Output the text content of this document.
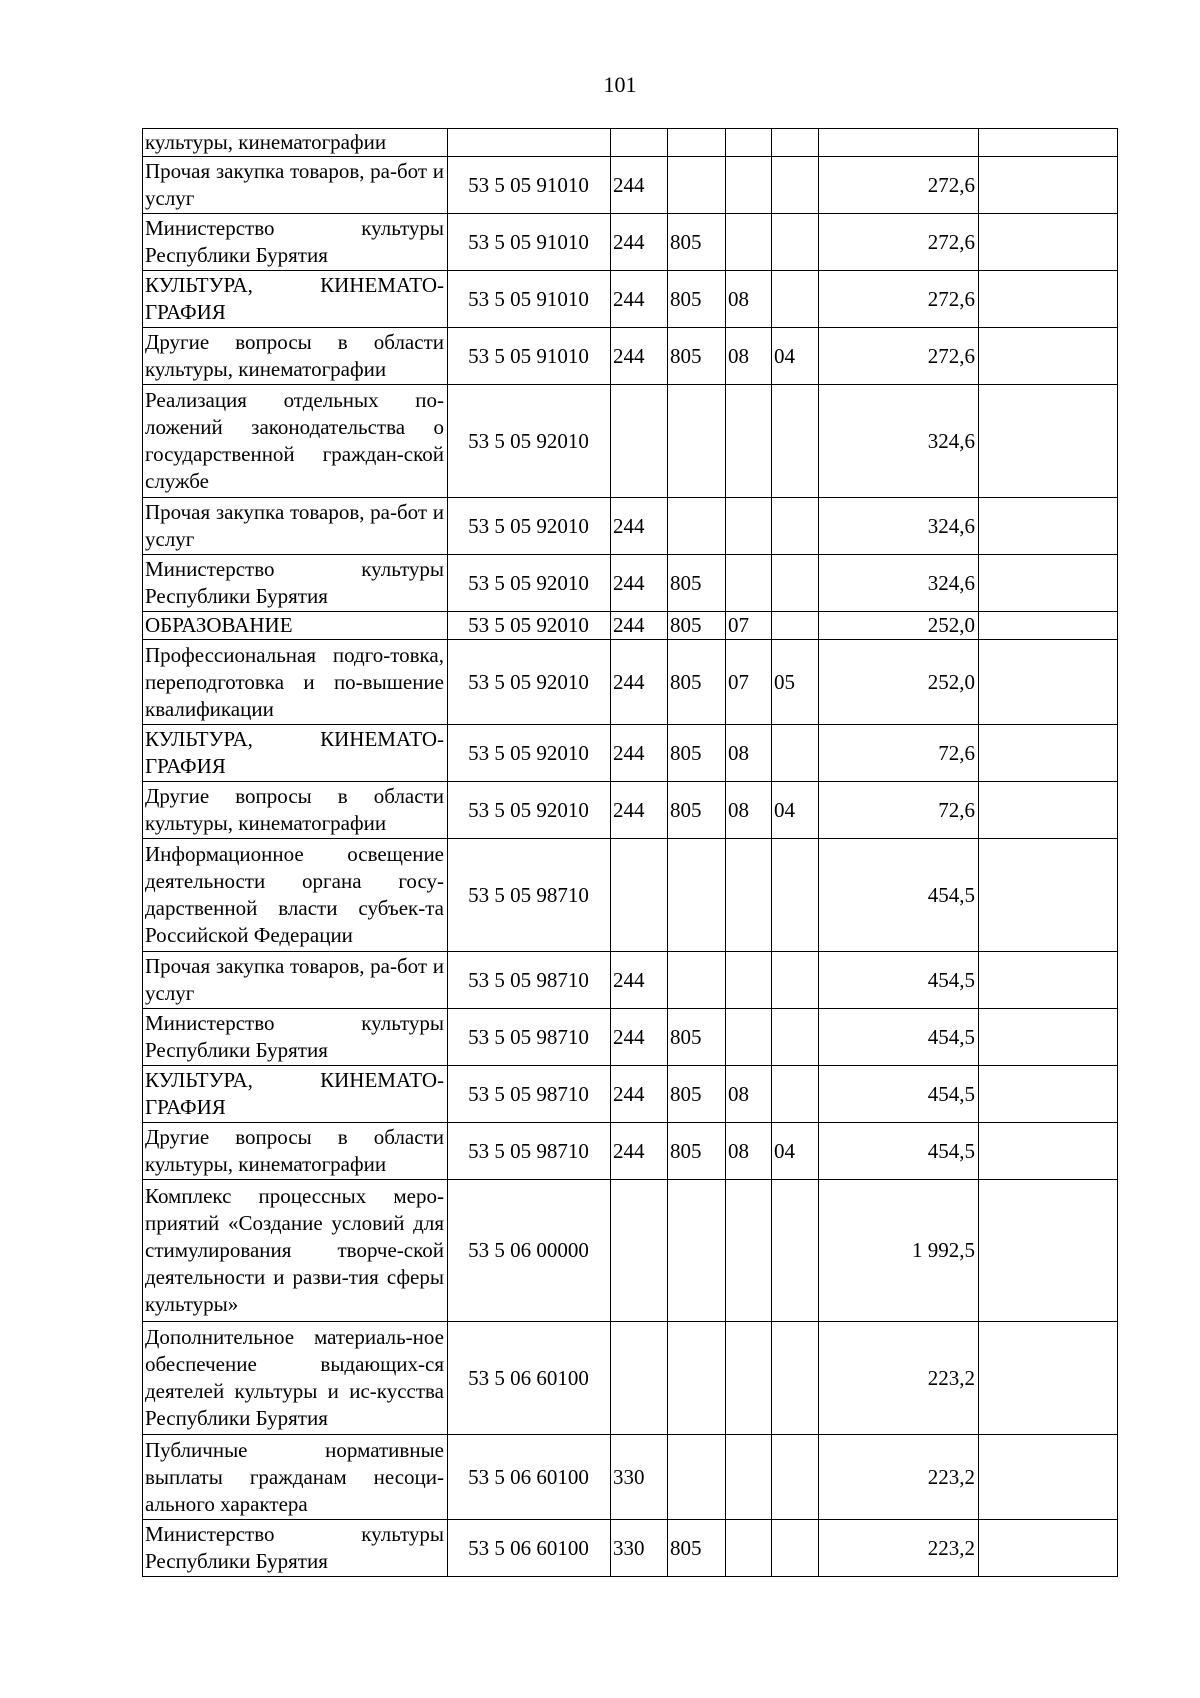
101
культуры, кинематографии							
Прочая закупка товаров, ра-бот и услуг	53 5 05 91010	244				272,6	
Министерство культуры Республики Бурятия	53 5 05 91010	244	805			272,6	
КУЛЬТУРА, КИНЕМАТО-ГРАФИЯ	53 5 05 91010	244	805	08		272,6	
Другие вопросы в области культуры, кинематографии	53 5 05 91010	244	805	08	04	272,6	
Реализация отдельных по-ложений законодательства о государственной граждан-ской службе	53 5 05 92010					324,6	
Прочая закупка товаров, ра-бот и услуг	53 5 05 92010	244				324,6	
Министерство культуры Республики Бурятия	53 5 05 92010	244	805			324,6	
ОБРАЗОВАНИЕ	53 5 05 92010	244	805	07		252,0	
Профессиональная подго-товка, переподготовка и по-вышение квалификации	53 5 05 92010	244	805	07	05	252,0	
КУЛЬТУРА, КИНЕМАТО-ГРАФИЯ	53 5 05 92010	244	805	08		72,6	
Другие вопросы в области культуры, кинематографии	53 5 05 92010	244	805	08	04	72,6	
Информационное освещение деятельности органа госу-дарственной власти субъек-та Российской Федерации	53 5 05 98710					454,5	
Прочая закупка товаров, ра-бот и услуг	53 5 05 98710	244				454,5	
Министерство культуры Республики Бурятия	53 5 05 98710	244	805			454,5	
КУЛЬТУРА, КИНЕМАТО-ГРАФИЯ	53 5 05 98710	244	805	08		454,5	
Другие вопросы в области культуры, кинематографии	53 5 05 98710	244	805	08	04	454,5	
Комплекс процессных меро-приятий «Создание условий для стимулирования творче-ской деятельности и разви-тия сферы культуры»	53 5 06 00000					1 992,5	
Дополнительное материаль-ное обеспечение выдающих-ся деятелей культуры и ис-кусства Республики Бурятия	53 5 06 60100					223,2	
Публичные нормативные выплаты гражданам несоци-ального характера	53 5 06 60100	330				223,2	
Министерство культуры Республики Бурятия	53 5 06 60100	330	805			223,2	
